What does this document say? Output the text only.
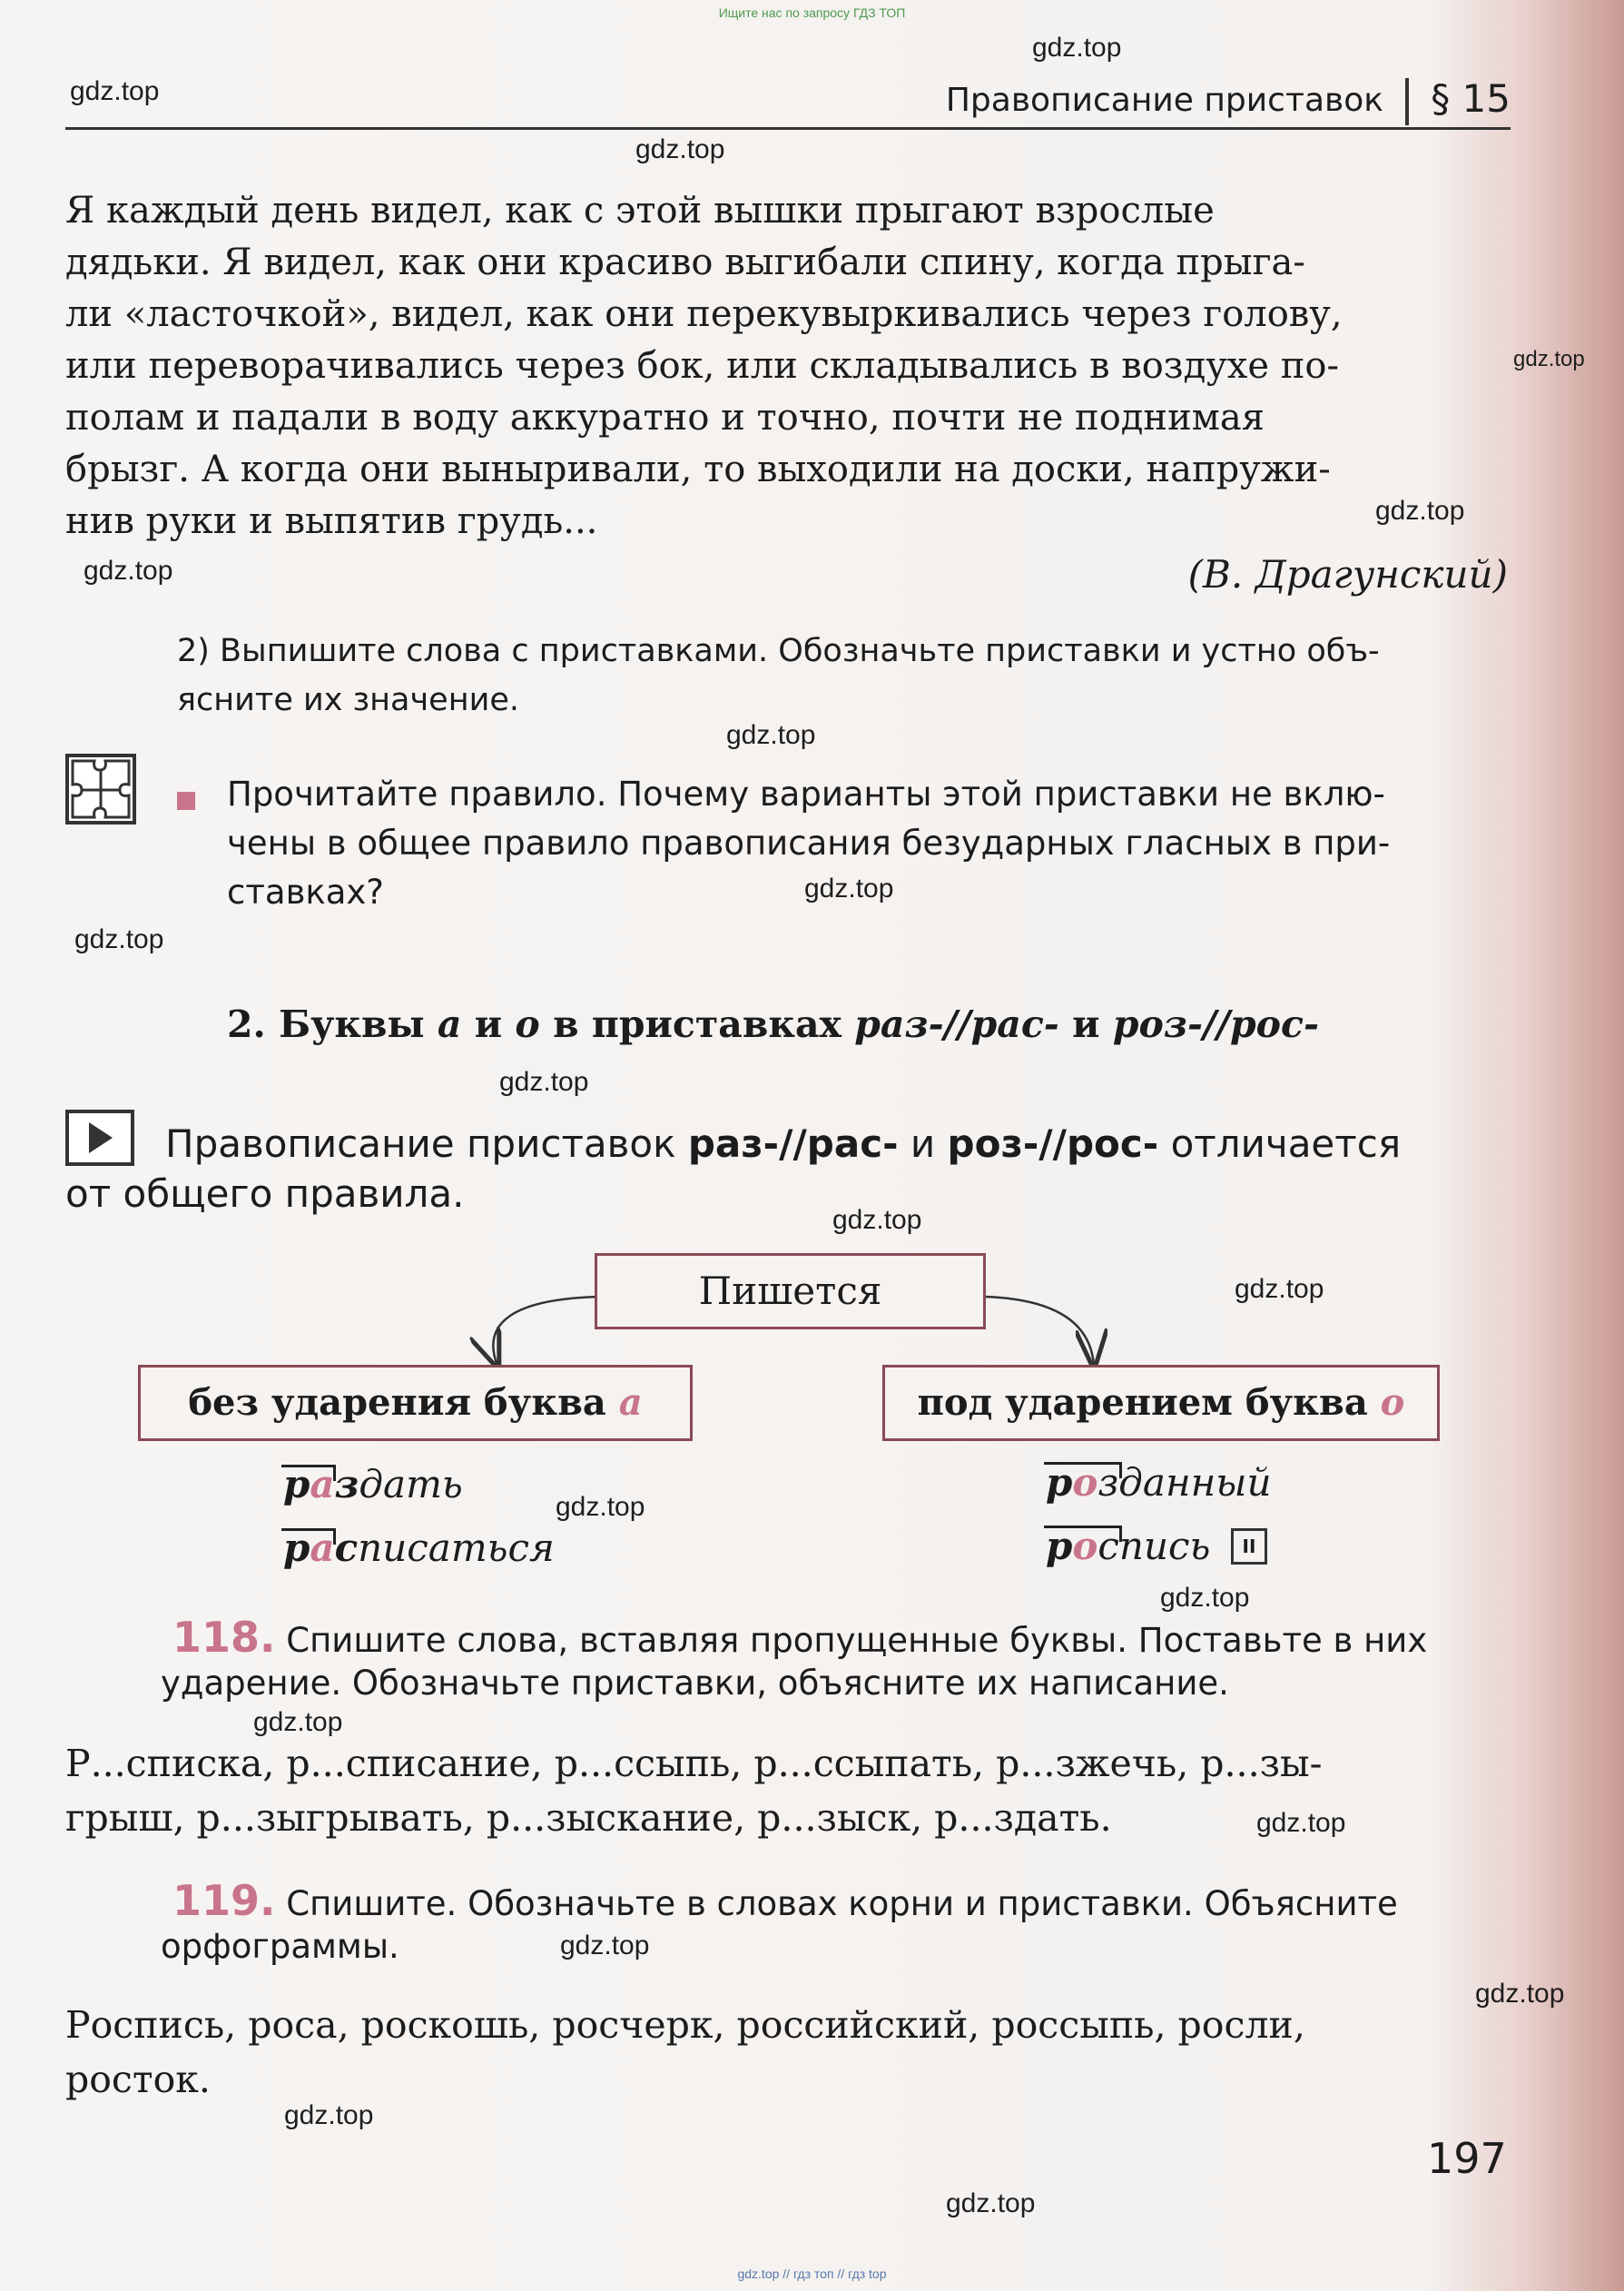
Ищите нас по запросу ГДЗ ТОП
gdz.top // гдз топ // гдз top
gdz.top
gdz.top
gdz.top
gdz.top
gdz.top
gdz.top
gdz.top
gdz.top
gdz.top
gdz.top
gdz.top
gdz.top
gdz.top
gdz.top
gdz.top
gdz.top
gdz.top
gdz.top
gdz.top
gdz.top
Правописание приставок § 15
Я каждый день видел, как с этой вышки прыгают взрослые
дядьки. Я видел, как они красиво выгибали спину, когда прыга-
ли «ласточкой», видел, как они перекувыркивались через голову,
или переворачивались через бок, или складывались в воздухе по-
полам и падали в воду аккуратно и точно, почти не поднимая
брызг. А когда они выныривали, то выходили на доски, напружи-
нив руки и выпятив грудь...
(В. Драгунский)
2) Выпишите слова с приставками. Обозначьте приставки и устно объ-
ясните их значение.
Прочитайте правило. Почему варианты этой приставки не вклю-
чены в общее правило правописания безударных гласных в при-
ставках?
2. Буквы а и о в приставках раз-//рас- и роз-//рос-
Правописание приставок раз-//рас- и роз-//рос- отличается
от общего правила.
Пишется
без ударения буква а	под ударением буква о
раздать
расписаться
розданный
роспись	II
118. Спишите слова, вставляя пропущенные буквы. Поставьте в них
ударение. Обозначьте приставки, объясните их написание.
Р...списка, р...списание, р...ссыпь, р...ссыпать, р...зжечь, р...зы-
грыш, р...зыгрывать, р...зыскание, р...зыск, р...здать.
119. Спишите. Обозначьте в словах корни и приставки. Объясните
орфограммы.
Роспись, роса, роскошь, росчерк, российский, россыпь, росли,
росток.
197
